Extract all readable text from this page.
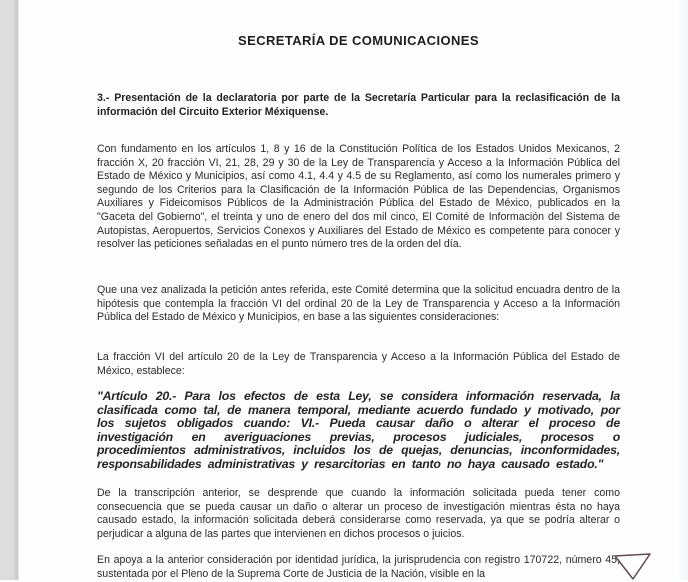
SECRETARÍA DE COMUNICACIONES
3.- Presentación de la declaratoria por parte de la Secretaría Particular para la reclasificación de la información del Circuito Exterior Méxiquense.
Con fundamento en los artículos 1, 8 y 16 de la Constitución Política de los Estados Unidos Mexicanos, 2 fracción X, 20 fracción VI, 21, 28, 29 y 30 de la Ley de Transparencia y Acceso a la Información Pública del Estado de México y Municipios, así como 4.1, 4.4 y 4.5 de su Reglamento, así como los numerales primero y segundo de los Criterios para la Clasificación de la Información Pública de las Dependencias, Organismos Auxiliares y Fideicomisos Públicos de la Administración Pública del Estado de México, publicados en la "Gaceta del Gobierno", el treinta y uno de enero del dos mil cinco, El Comité de Información del Sistema de Autopistas, Aeropuertos, Servicios Conexos y Auxiliares del Estado de México es competente para conocer y resolver las peticiones señaladas en el punto número tres de la orden del día.
Que una vez analizada la petición antes referida, este Comité determina que la solicitud encuadra dentro de la hipótesis que contempla la fracción VI del ordinal 20 de la Ley de Transparencia y Acceso a la Información Pública del Estado de México y Municipios, en base a las siguientes consideraciones:
La fracción VI del artículo 20 de la Ley de Transparencia y Acceso a la Información Pública del Estado de México, establece:
"Artículo 20.- Para los efectos de esta Ley, se considera información reservada, la clasificada como tal, de manera temporal, mediante acuerdo fundado y motivado, por los sujetos obligados cuando: VI.- Pueda causar daño o alterar el proceso de investigación en averiguaciones previas, procesos judiciales, procesos o procedimientos administrativos, incluidos los de quejas, denuncias, inconformidades, responsabilidades administrativas y resarcitorias en tanto no haya causado estado."
De la transcripción anterior, se desprende que cuando la información solicitada pueda tener como consecuencia que se pueda causar un daño o alterar un proceso de investigación mientras ésta no haya causado estado, la información solicitada deberá considerarse como reservada, ya que se podría alterar o perjudicar a alguna de las partes que intervienen en dichos procesos o juicios.
En apoya a la anterior consideración por identidad jurídica, la jurisprudencia con registro 170722, número 45, sustentada por el Pleno de la Suprema Corte de Justicia de la Nación, visible en la
